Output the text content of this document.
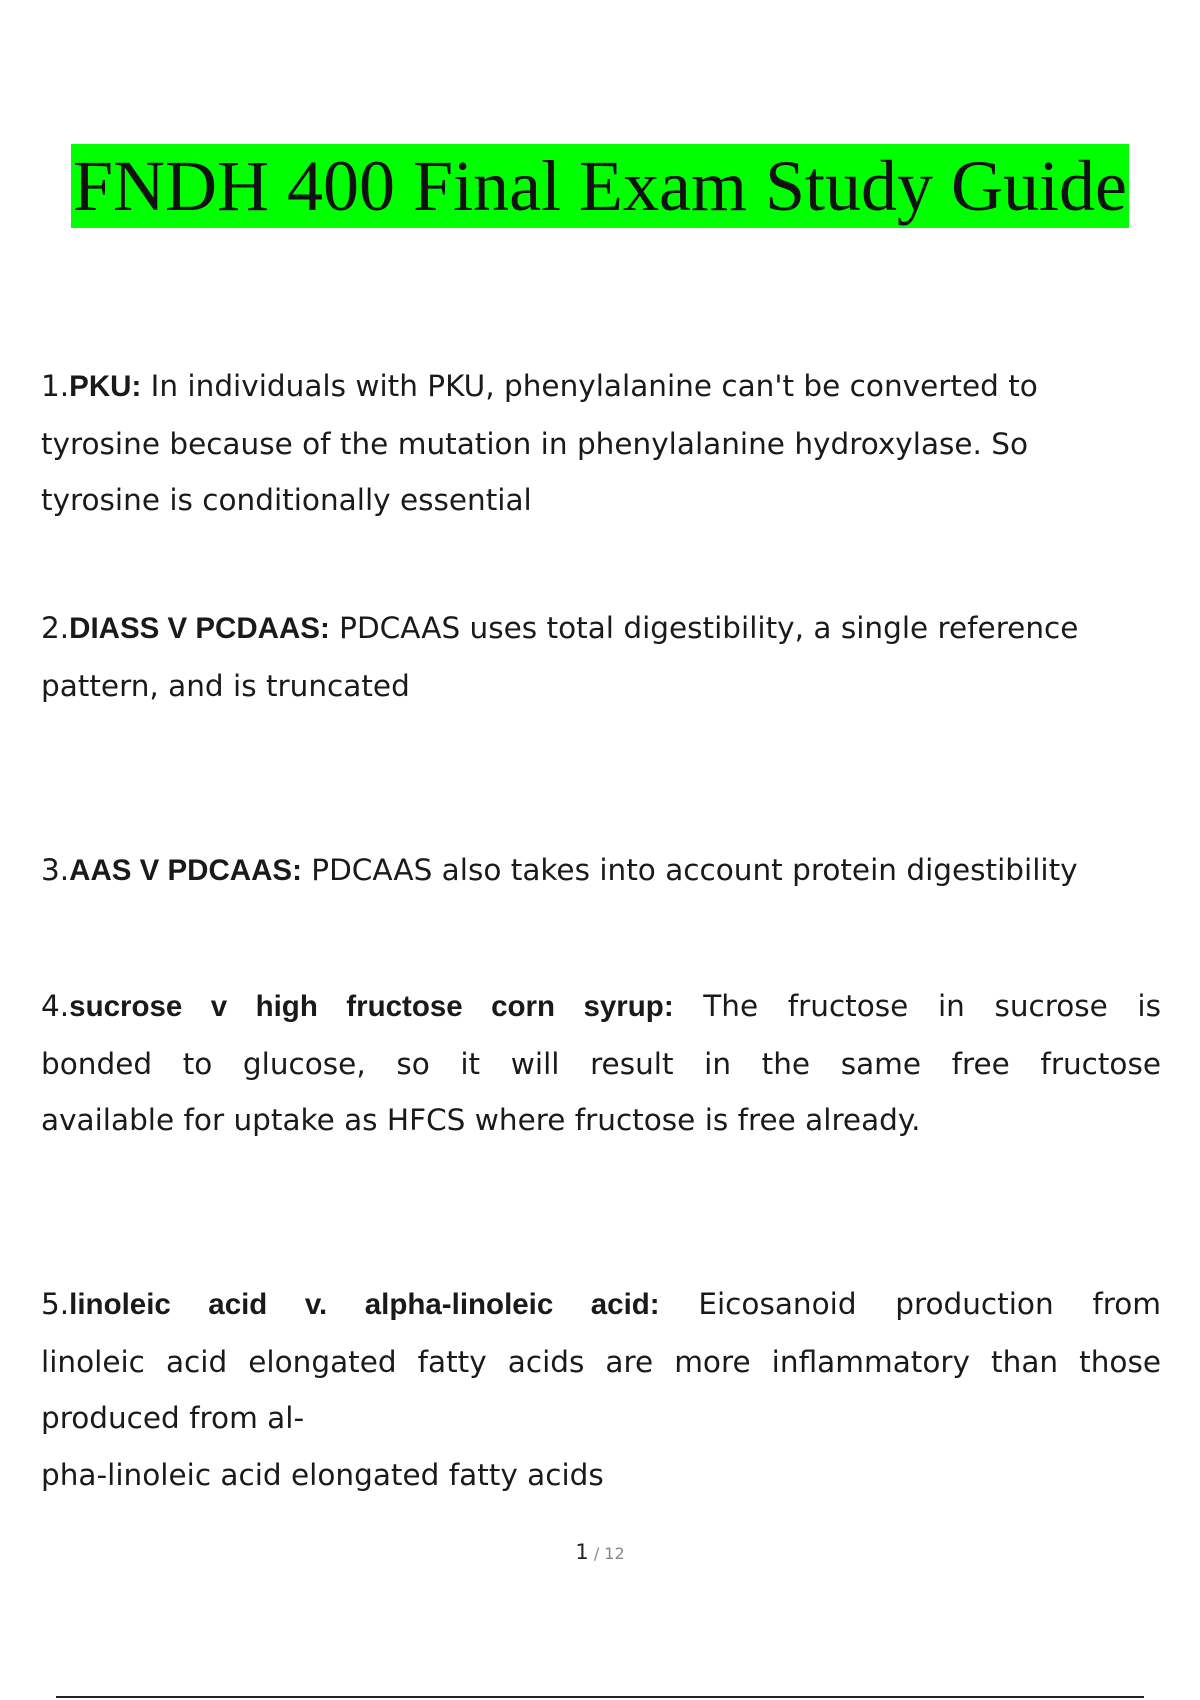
FNDH 400 Final Exam Study Guide
1.PKU: In individuals with PKU, phenylalanine can't be converted to
tyrosine because of the mutation in phenylalanine hydroxylase. So
tyrosine is conditionally essential
2.DIASS V PCDAAS: PDCAAS uses total digestibility, a single reference
pattern, and is truncated
3.AAS V PDCAAS: PDCAAS also takes into account protein digestibility
4.sucrose v high fructose corn syrup: The fructose in sucrose is
bonded to glucose, so it will result in the same free fructose
available for uptake as HFCS where fructose is free already.
5.linoleic acid v. alpha-linoleic acid: Eicosanoid production from
linoleic acid elongated fatty acids are more inflammatory than those
produced from al-
pha-linoleic acid elongated fatty acids
1 / 12
